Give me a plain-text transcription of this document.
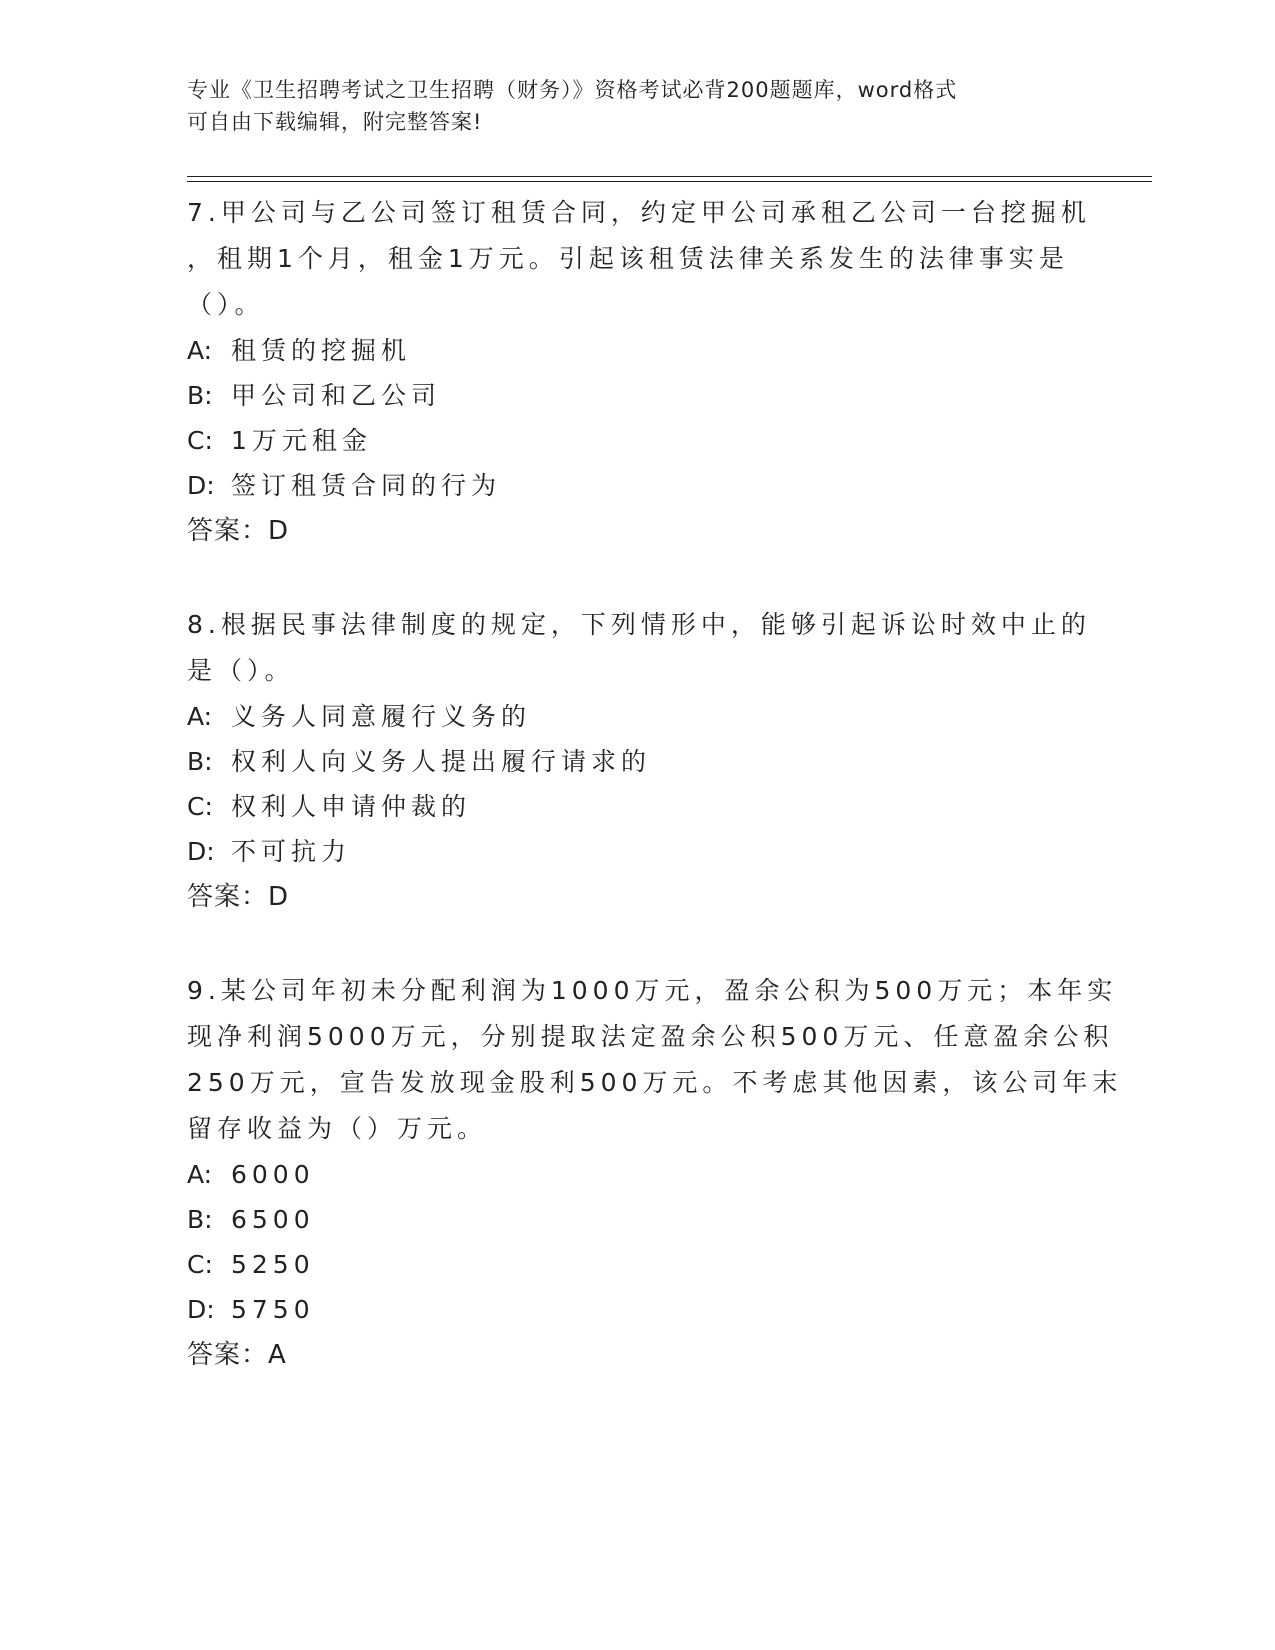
专业《卫生招聘考试之卫生招聘（财务）》资格考试必背200题题库，word格式
可自由下载编辑，附完整答案!
7.甲公司与乙公司签订租赁合同，约定甲公司承租乙公司一台挖掘机
，租期1个月，租金1万元。引起该租赁法律关系发生的法律事实是
（）。
A: 租赁的挖掘机
B: 甲公司和乙公司
C: 1万元租金
D: 签订租赁合同的行为
答案：D
8.根据民事法律制度的规定，下列情形中，能够引起诉讼时效中止的
是（）。
A: 义务人同意履行义务的
B: 权利人向义务人提出履行请求的
C: 权利人申请仲裁的
D: 不可抗力
答案：D
9.某公司年初未分配利润为1000万元，盈余公积为500万元；本年实
现净利润5000万元，分别提取法定盈余公积500万元、任意盈余公积
250万元，宣告发放现金股利500万元。不考虑其他因素，该公司年末
留存收益为（）万元。
A: 6000
B: 6500
C: 5250
D: 5750
答案：A
